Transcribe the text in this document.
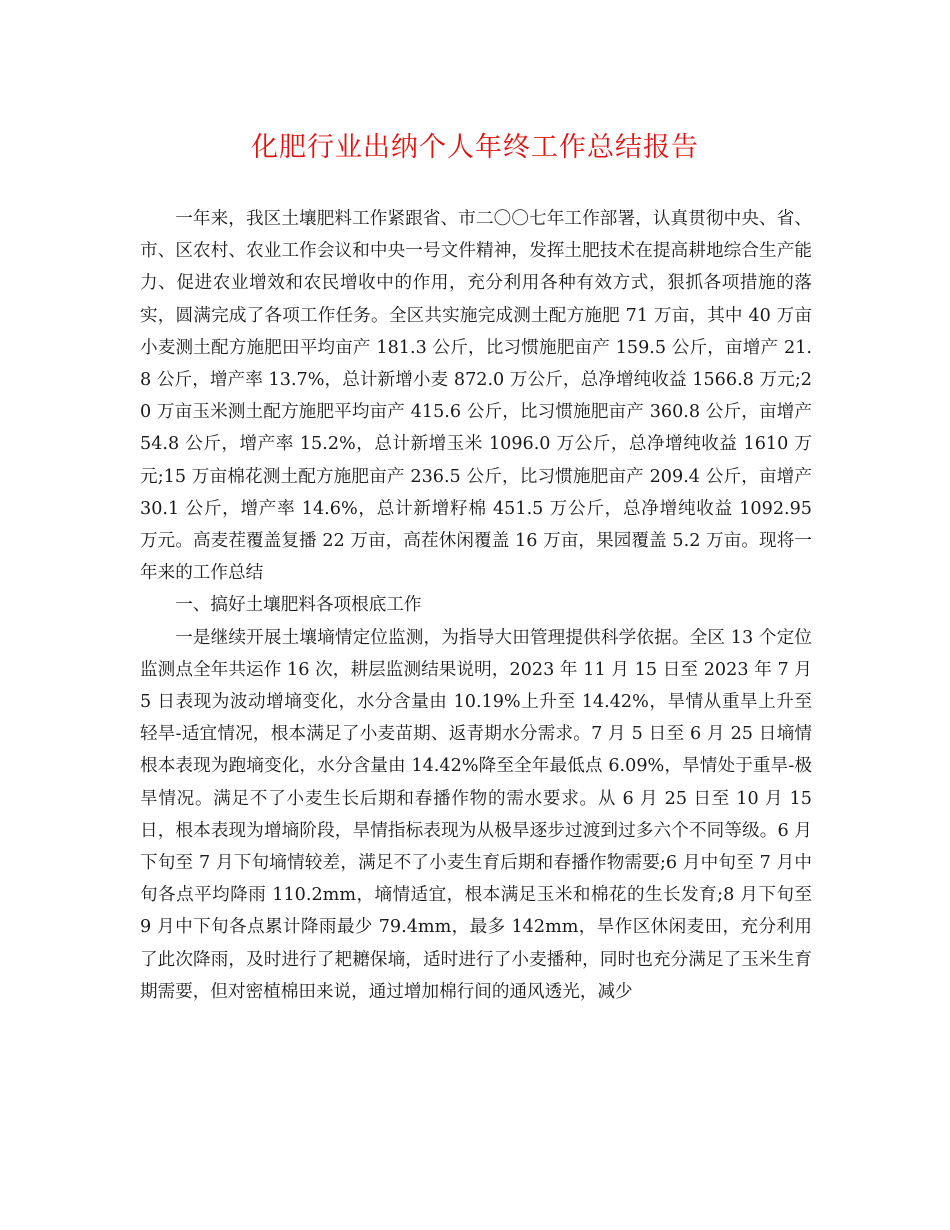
化肥行业出纳个人年终工作总结报告

一年来，我区土壤肥料工作紧跟省、市二〇〇七年工作部署，认真贯彻中央、省、市、区农村、农业工作会议和中央一号文件精神，发挥土肥技术在提高耕地综合生产能力、促进农业增效和农民增收中的作用，充分利用各种有效方式，狠抓各项措施的落实，圆满完成了各项工作任务。全区共实施完成测土配方施肥 71 万亩，其中 40 万亩小麦测土配方施肥田平均亩产 181.3 公斤，比习惯施肥亩产 159.5 公斤，亩增产 21.8 公斤，增产率 13.7%，总计新增小麦 872.0 万公斤，总净增纯收益 1566.8 万元;20 万亩玉米测土配方施肥平均亩产 415.6 公斤，比习惯施肥亩产 360.8 公斤，亩增产 54.8 公斤，增产率 15.2%，总计新增玉米 1096.0 万公斤，总净增纯收益 1610 万元;15 万亩棉花测土配方施肥亩产 236.5 公斤，比习惯施肥亩产 209.4 公斤，亩增产 30.1 公斤，增产率 14.6%，总计新增籽棉 451.5 万公斤，总净增纯收益 1092.95 万元。高麦茬覆盖复播 22 万亩，高茬休闲覆盖 16 万亩，果园覆盖 5.2 万亩。现将一年来的工作总结

一、搞好土壤肥料各项根底工作

一是继续开展土壤墒情定位监测，为指导大田管理提供科学依据。全区 13 个定位监测点全年共运作 16 次，耕层监测结果说明，2023 年 11 月 15 日至 2023 年 7 月 5 日表现为波动增墒变化，水分含量由 10.19%上升至 14.42%，旱情从重旱上升至轻旱-适宜情况，根本满足了小麦苗期、返青期水分需求。7 月 5 日至 6 月 25 日墒情根本表现为跑墒变化，水分含量由 14.42%降至全年最低点 6.09%，旱情处于重旱-极旱情况。满足不了小麦生长后期和春播作物的需水要求。从 6 月 25 日至 10 月 15 日，根本表现为增墒阶段，旱情指标表现为从极旱逐步过渡到过多六个不同等级。6 月下旬至 7 月下旬墒情较差，满足不了小麦生育后期和春播作物需要;6 月中旬至 7 月中旬各点平均降雨 110.2mm，墒情适宜，根本满足玉米和棉花的生长发育;8 月下旬至 9 月中下旬各点累计降雨最少 79.4mm，最多 142mm，旱作区休闲麦田，充分利用了此次降雨，及时进行了耙耱保墒，适时进行了小麦播种，同时也充分满足了玉米生育期需要，但对密植棉田来说，通过增加棉行间的通风透光，减少
